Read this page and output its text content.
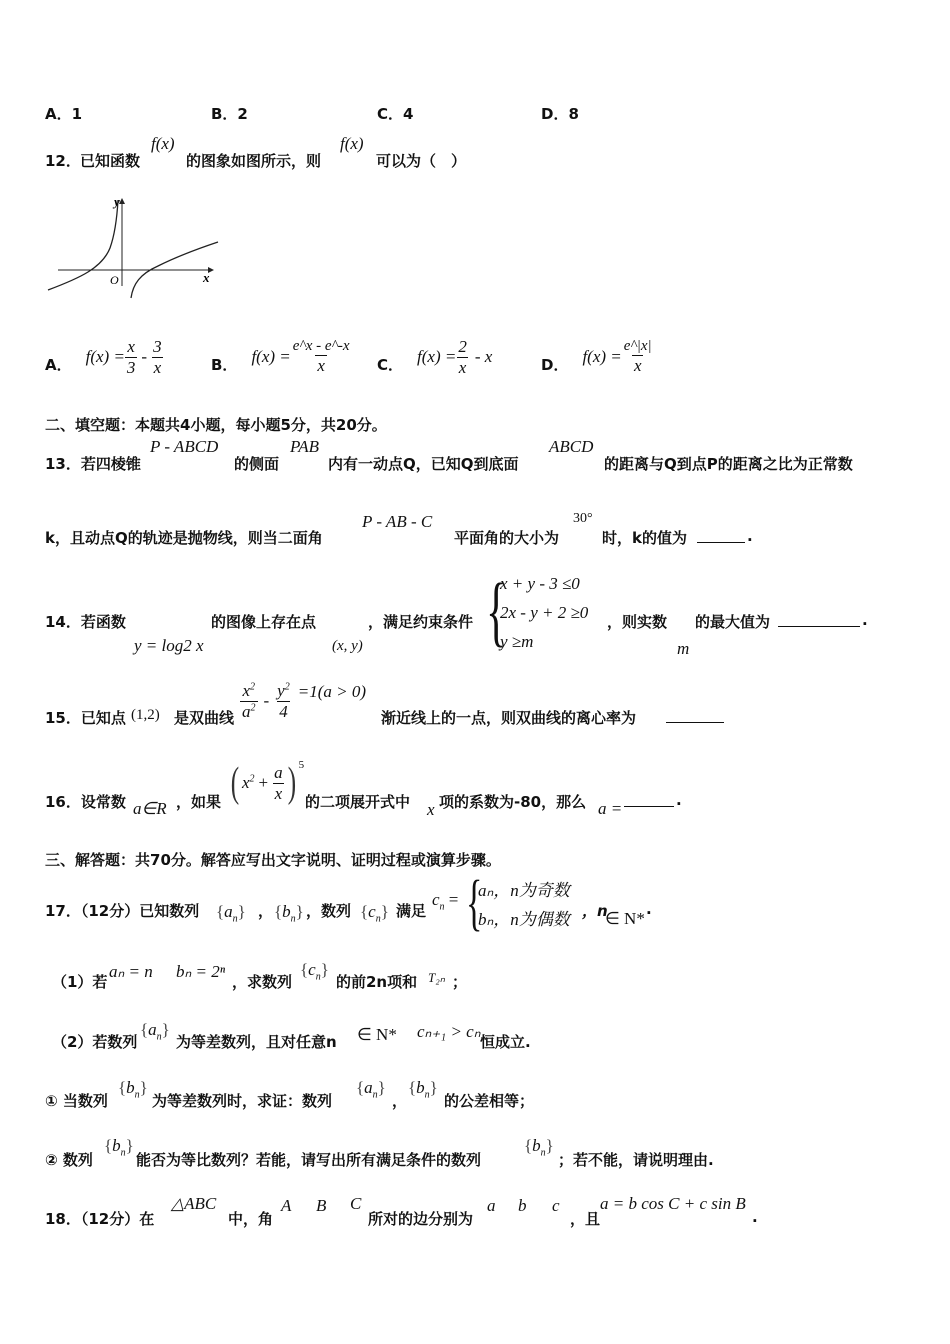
A．1	B．2	C．4	D．8
12． 已知函数
f(x)
的图象如图所示，则
f(x)
可以为（　）
y
x
O
A． $f(x) = \frac{x}{3} - \frac{3}{x}$	B． $f(x) = \frac{e\^{}x - e\^{}-x}{x}$ C． $f(x) = \frac{2}{x} - x$	D． $f(x) = \frac{e\^{}|x|}{x}$
二、填空题：本题共4小题，每小题5分，共20分。
13．若四棱锥
P - ABCD
的侧面
PAB
内有一动点Q，已知Q到底面
ABCD
的距离与Q到点P的距离之比为正常数
k，且动点Q的轨迹是抛物线，则当二面角
P - AB - C
平面角的大小为
30°
时，k的值为	.
14．若函数
y = log2 x
的图像上存在点
(x, y)
，满足约束条件 {
x + y - 3 ≤0
2x - y + 2 ≥0
y ≥m
，则实数
m
的最大值为	.
15．已知点 (1,2) 是双曲线 $\frac{x^2}{a^2} - \frac{y^2}{4} =1(a > 0)$
渐近线上的一点，则双曲线的离心率为
16．设常数 a∈R ，如果 ( $x^2 + \frac{a}{x}$ ) 5
的二项展开式中 x 项的系数为-80，那么 a =	.
三、解答题：共70分。解答应写出文字说明、证明过程或演算步骤。
17．（12分）已知数列 $\{a_n\}$ ， $\{b_n\}$ ，数列 $\{c_n\}$ 满足
$c_n$ = {
aₙ，n为奇数
bₙ，n为偶数 ，n
∈ N* .
（1）若
aₙ = n bₙ = 2ⁿ
，求数列
$\{c_n\}$
的前2n项和 T₂ₙ ；
（2）若数列
$\{a_n\}$
为等差数列，且对任意n ∈ N* cₙ₊₁ > cₙ
恒成立.
① 当数列
$\{b_n\}$
为等差数列时，求证：数列
$\{a_n\}$
，
$\{b_n\}$
的公差相等；
② 数列
$\{b_n\}$
能否为等比数列？若能，请写出所有满足条件的数列
$\{b_n\}$
；若不能，请说明理由.
18．（12分）在
△ABC
中，角
A B C
所对的边分别为
a b c
，且
a = b cos C + c sin B
.
